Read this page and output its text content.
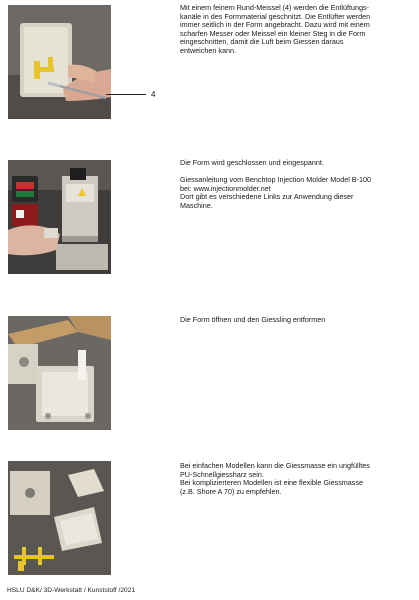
4

Mit einem feinem Rund-Meissel (4) werden die Entlüftungs-

kanäle in des Formmaterial geschnitzt. Die Entlüfter werden

immer seitlich in der Form angebracht. Dazu wird mit einem

scharfen Messer oder Meissel ein kleiner Steg in die Form

eingeschnitten, damit die Luft beim Giessen daraus

entweichen kann.

Die Form wird geschlossen und eingespannt.

Giessanleitung vom Benchtop Injection Molder Model B-100

bei: www.injectionmolder.net

Dort gibt es verschiedene Links zur Anwendung dieser

Maschine.

Die Form öffnen und den Giessling entformen

Bei einfachen Modellen kann die Giessmasse ein ungfülltes

PU-Schnellgiessharz sein.

Bei komplizierteren Modellen ist eine flexible Giessmasse

(z.B. Shore A 70) zu empfehlen.

HSLU D&K/ 3D-Werkstatt / Kunststoff /2021
